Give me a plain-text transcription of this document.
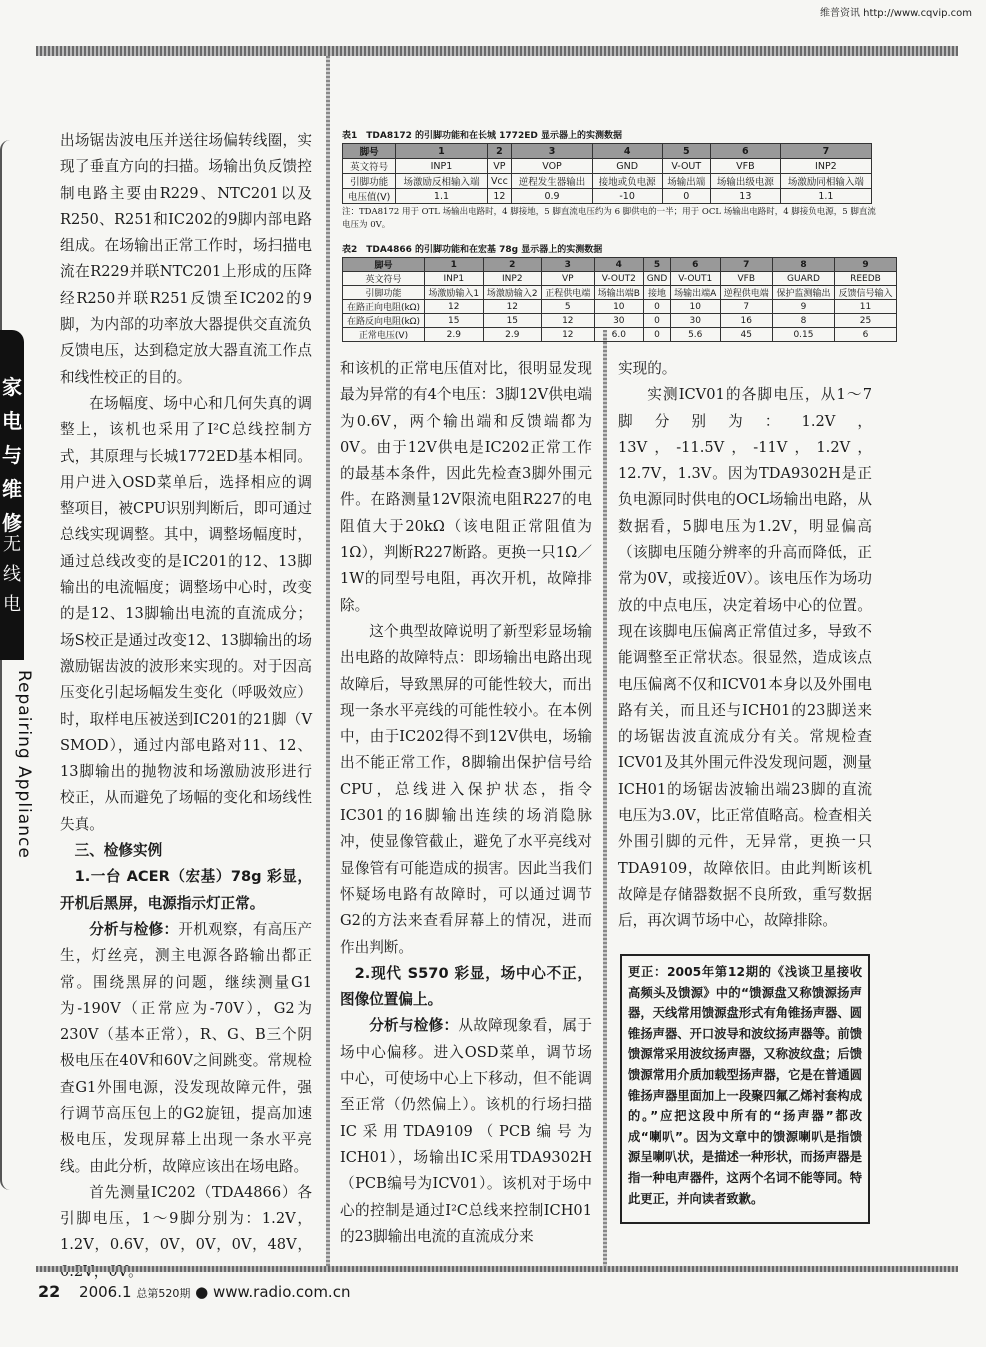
维普资讯 http://www.cqvip.com
家
电
与
维
修
无
线
电
Repairing Appliance
表1　TDA8172 的引脚功能和在长城 1772ED 显示器上的实测数据
脚号	1	2	3	4	5	6	7
英文符号	INP1	VP	VOP	GND	V-OUT	VFB	INP2
引脚功能	场激励反相输入端	Vcc	逆程发生器输出	接地或负电源	场输出端	场输出级电源	场激励同相输入端
电压值(V)	1.1	12	0.9	-10	0	13	1.1
注：TDA8172 用于 OTL 场输出电路时，4 脚接地，5 脚直流电压约为 6 脚供电的一半；用于 OCL 场输出电路时，4 脚接负电源，5 脚直流电压为 0V。
表2　TDA4866 的引脚功能和在宏基 78g 显示器上的实测数据
脚号	1	2	3	4	5	6	7	8	9
英文符号	INP1	INP2	VP	V-OUT2	GND	V-OUT1	VFB	GUARD	REEDB
引脚功能	场激励输入1	场激励输入2	正程供电端	场输出端B	接地	场输出端A	逆程供电端	保护监测输出	反馈信号输入
在路正向电阻(kΩ)	12	12	5	10	0	10	7	9	11
在路反向电阻(kΩ)	15	15	12	30	0	30	16	8	25
正常电压(V)	2.9	2.9	12	6.0	0	5.6	45	0.15	6

出场锯齿波电压并送往场偏转线圈，实现了垂直方向的扫描。场输出负反馈控制电路主要由R229、NTC201以及R250、R251和IC202的9脚内部电路组成。在场输出正常工作时，场扫描电流在R229并联NTC201上形成的压降经R250并联R251反馈至IC202的9脚，为内部的功率放大器提供交直流负反馈电压，达到稳定放大器直流工作点和线性校正的目的。

在场幅度、场中心和几何失真的调整上，该机也采用了I²C总线控制方式，其原理与长城1772ED基本相同。用户进入OSD菜单后，选择相应的调整项目，被CPU识别判断后，即可通过总线实现调整。其中，调整场幅度时，通过总线改变的是IC201的12、13脚输出的电流幅度；调整场中心时，改变的是12、13脚输出电流的直流成分；场S校正是通过改变12、13脚输出的场激励锯齿波的波形来实现的。对于因高压变化引起场幅发生变化（呼吸效应）时，取样电压被送到IC201的21脚（V SMOD），通过内部电路对11、12、13脚输出的抛物波和场激励波形进行校正，从而避免了场幅的变化和场线性失真。

三、检修实例

1.一台 ACER（宏基）78g 彩显，开机后黑屏，电源指示灯正常。

分析与检修：开机观察，有高压产生，灯丝亮，测主电源各路输出都正常。围绕黑屏的问题，继续测量G1为-190V（正常应为-70V），G2为230V（基本正常），R、G、B三个阴极电压在40V和60V之间跳变。常规检查G1外围电源，没发现故障元件，强行调节高压包上的G2旋钮，提高加速极电压，发现屏幕上出现一条水平亮线。由此分析，故障应该出在场电路。

首先测量IC202（TDA4866）各引脚电压，1～9脚分别为：1.2V，1.2V，0.6V，0V，0V，0V，48V，

和该机的正常电压值对比，很明显发现最为异常的有4个电压：3脚12V供电端为0.6V，两个输出端和反馈端都为0V。由于12V供电是IC202正常工作的最基本条件，因此先检查3脚外围元件。在路测量12V限流电阻R227的电阻值大于20kΩ（该电阻正常阻值为1Ω），判断R227断路。更换一只1Ω／1W的同型号电阻，再次开机，故障排除。

这个典型故障说明了新型彩显场输出电路的故障特点：即场输出电路出现故障后，导致黑屏的可能性较大，而出现一条水平亮线的可能性较小。在本例中，由于IC202得不到12V供电，场输出不能正常工作，8脚输出保护信号给CPU，总线进入保护状态，指令IC301的16脚输出连续的场消隐脉冲，使显像管截止，避免了水平亮线对显像管有可能造成的损害。因此当我们怀疑场电路有故障时，可以通过调节G2的方法来查看屏幕上的情况，进而作出判断。

2.现代 S570 彩显，场中心不正，图像位置偏上。

分析与检修：从故障现象看，属于场中心偏移。进入OSD菜单，调节场中心，可使场中心上下移动，但不能调至正常（仍然偏上）。该机的行场扫描IC采用TDA9109（PCB编号为ICH01），场输出IC采用TDA9302H（PCB编号为ICV01）。该机对于场中心的控制是通过I²C总线来控制ICH01的23脚输出电流的直流成分来

实现的。

实测ICV01的各脚电压，从1～7脚分别为：1.2V，13V，-11.5V，-11V，1.2V，12.7V，1.3V。因为TDA9302H是正负电源同时供电的OCL场输出电路，从数据看，5脚电压为1.2V，明显偏高（该脚电压随分辨率的升高而降低，正常为0V，或接近0V）。该电压作为场功放的中点电压，决定着场中心的位置。现在该脚电压偏离正常值过多，导致不能调整至正常状态。很显然，造成该点电压偏离不仅和ICV01本身以及外围电路有关，而且还与ICH01的23脚送来的场锯齿波直流成分有关。常规检查ICV01及其外围元件没发现问题，测量ICH01的场锯齿波输出端23脚的直流电压为3.0V，比正常值略高。检查相关外围引脚的元件，无异常，更换一只TDA9109，故障依旧。由此判断该机故障是存储器数据不良所致，重写数据后，再次调节场中心，故障排除。

更正：2005年第12期的《浅谈卫星接收高频头及馈源》中的“馈源盘又称馈源扬声器，天线常用馈源盘形式有角锥扬声器、圆锥扬声器、开口波导和波纹扬声器等。前馈馈源常采用波纹扬声器，又称波纹盘；后馈馈源常用介质加载型扬声器，它是在普通圆锥扬声器里面加上一段聚四氟乙烯衬套构成的。”应把这段中所有的“扬声器”都改成“喇叭”。因为文章中的馈源喇叭是指馈源呈喇叭状，是描述一种形状，而扬声器是指一种电声器件，这两个名词不能等同。特此更正，并向读者致歉。
22 2006.1 总第520期 ● www.radio.com.cn
